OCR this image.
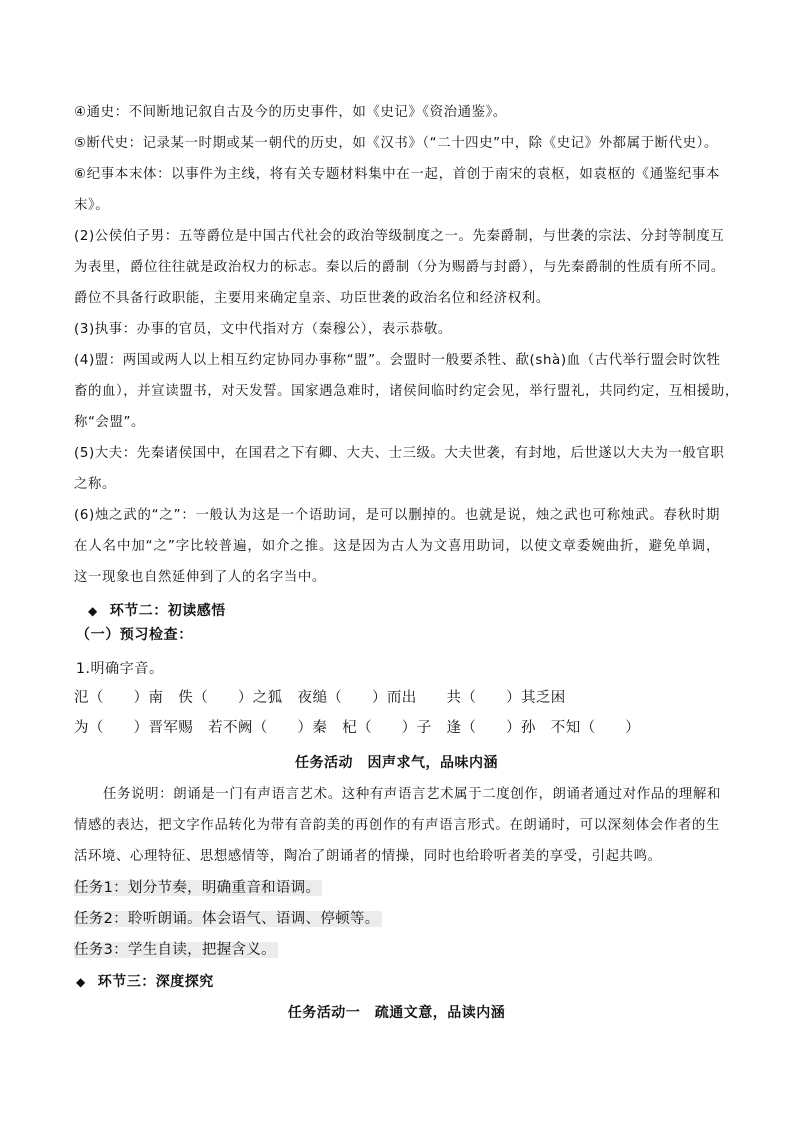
④通史：不间断地记叙自古及今的历史事件，如《史记》《资治通鉴》。
⑤断代史：记录某一时期或某一朝代的历史，如《汉书》（“二十四史”中，除《史记》外都属于断代史）。
⑥纪事本末体：以事件为主线，将有关专题材料集中在一起，首创于南宋的袁枢，如袁枢的《通鉴纪事本
末》。
(2)公侯伯子男：五等爵位是中国古代社会的政治等级制度之一。先秦爵制，与世袭的宗法、分封等制度互
为表里，爵位往往就是政治权力的标志。秦以后的爵制（分为赐爵与封爵），与先秦爵制的性质有所不同。
爵位不具备行政职能，主要用来确定皇亲、功臣世袭的政治名位和经济权利。
(3)执事：办事的官员，文中代指对方（秦穆公），表示恭敬。
(4)盟：两国或两人以上相互约定协同办事称“盟”。会盟时一般要杀牲、歃(shà)血（古代举行盟会时饮牲
畜的血），并宣读盟书，对天发誓。国家遇急难时，诸侯间临时约定会见，举行盟礼，共同约定，互相援助，
称“会盟”。
(5)大夫：先秦诸侯国中，在国君之下有卿、大夫、士三级。大夫世袭，有封地，后世遂以大夫为一般官职
之称。
(6)烛之武的“之”：一般认为这是一个语助词，是可以删掉的。也就是说，烛之武也可称烛武。春秋时期
在人名中加“之”字比较普遍，如介之推。这是因为古人为文喜用助词，以使文章委婉曲折，避免单调，
这一现象也自然延伸到了人的名字当中。
◆ 环节二：初读感悟
（一）预习检查：
1.明确字音。
氾（　　）南　佚（　　）之狐　夜缒（　　）而出　　共（　　）其乏困
为（　　）晋军赐　若不阙（　　）秦　杞（　　）子　逢（　　）孙　不知（　　）
任务活动　因声求气，品味内涵
任务说明：朗诵是一门有声语言艺术。这种有声语言艺术属于二度创作，朗诵者通过对作品的理解和
情感的表达，把文字作品转化为带有音韵美的再创作的有声语言形式。在朗诵时，可以深刻体会作者的生
活环境、心理特征、思想感情等，陶冶了朗诵者的情操，同时也给聆听者美的享受，引起共鸣。
任务1：划分节奏，明确重音和语调。
任务2：聆听朗诵。体会语气、语调、停顿等。
任务3：学生自读，把握含义。
◆ 环节三：深度探究
任务活动一　疏通文意，品读内涵
